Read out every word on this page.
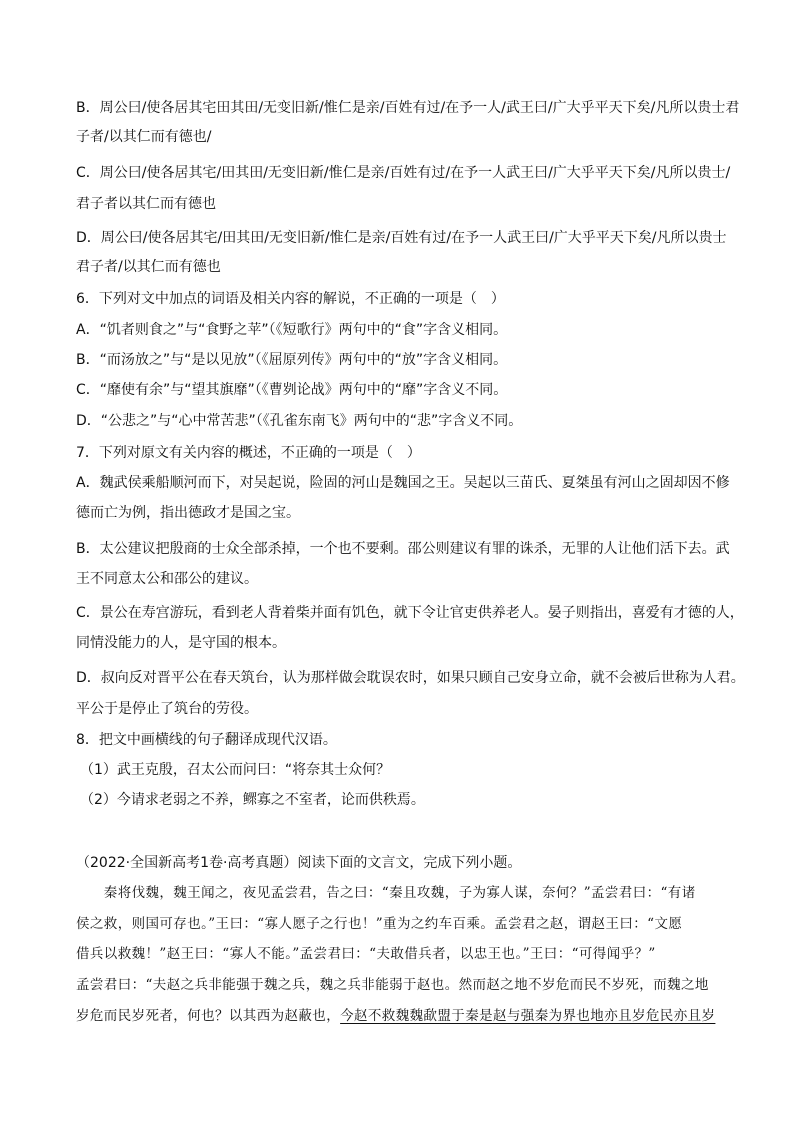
B．周公曰/使各居其宅田其田/无变旧新/惟仁是亲/百姓有过/在予一人/武王曰/广大乎平天下矣/凡所以贵士君
子者/以其仁而有德也/
C．周公曰/使各居其宅/田其田/无变旧新/惟仁是亲/百姓有过/在予一人武王曰/广大乎平天下矣/凡所以贵士/
君子者以其仁而有德也
D．周公曰/使各居其宅/田其田/无变旧新/惟仁是亲/百姓有过/在予一人武王曰/广大乎平天下矣/凡所以贵士
君子者/以其仁而有德也
6．下列对文中加点的词语及相关内容的解说，不正确的一项是（　）
A．“饥者则食之”与“食野之苹”（《短歌行》两句中的“食”字含义相同。
B．“而汤放之”与“是以见放”（《屈原列传》两句中的“放”字含义相同。
C．“靡使有余”与“望其旗靡”（《曹刿论战》两句中的“靡”字含义不同。
D．“公悲之”与“心中常苦悲”（《孔雀东南飞》两句中的“悲”字含义不同。
7．下列对原文有关内容的概述，不正确的一项是（　）
A．魏武侯乘船顺河而下，对吴起说，险固的河山是魏国之王。吴起以三苗氏、夏桀虽有河山之固却因不修
德而亡为例，指出德政才是国之宝。
B．太公建议把殷商的士众全部杀掉，一个也不要剩。邵公则建议有罪的诛杀，无罪的人让他们活下去。武
王不同意太公和邵公的建议。
C．景公在寿宫游玩，看到老人背着柴并面有饥色，就下令让官吏供养老人。晏子则指出，喜爱有才德的人，
同情没能力的人，是守国的根本。
D．叔向反对晋平公在春天筑台，认为那样做会耽误农时，如果只顾自己安身立命，就不会被后世称为人君。
平公于是停止了筑台的劳役。
8．把文中画横线的句子翻译成现代汉语。
（1）武王克殷，召太公而问曰：“将奈其士众何？
（2）今请求老弱之不养，鳏寡之不室者，论而供秩焉。
（2022·全国新高考1卷·高考真题）阅读下面的文言文，完成下列小题。
　　秦将伐魏，魏王闻之，夜见孟尝君，告之曰：“秦且攻魏，子为寡人谋，奈何？”孟尝君曰：“有诸
侯之救，则国可存也。”王曰：“寡人愿子之行也！”重为之约车百乘。孟尝君之赵，谓赵王曰：“文愿
借兵以救魏！”赵王曰：“寡人不能。”孟尝君曰：“夫敢借兵者，以忠王也。”王曰：“可得闻乎？”
孟尝君曰：“夫赵之兵非能强于魏之兵，魏之兵非能弱于赵也。然而赵之地不岁危而民不岁死，而魏之地
岁危而民岁死者，何也？以其西为赵蔽也，今赵不救魏魏歃盟于秦是赵与强秦为界也地亦且岁危民亦且岁
